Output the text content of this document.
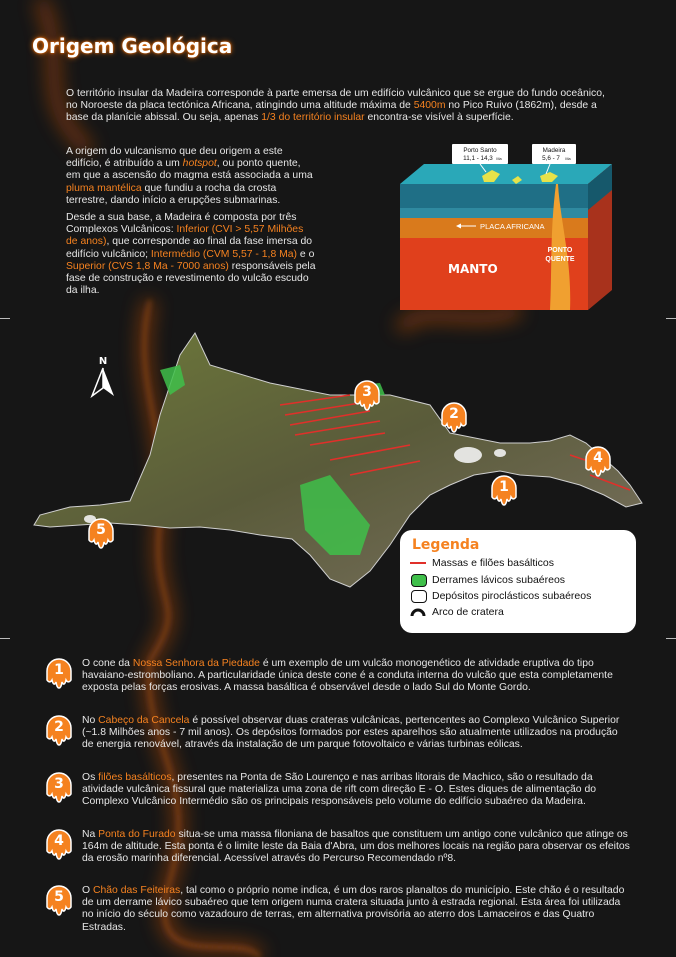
Origem Geológica

O território insular da Madeira corresponde à parte emersa de um edifício vulcânico que se ergue do fundo oceânico, no Noroeste da placa tectónica Africana, atingindo uma altitude máxima de 5400m no Pico Ruivo (1862m), desde a base da planície abissal. Ou seja, apenas 1/3 do território insular encontra-se visível à superfície.

A origem do vulcanismo que deu origem a este edifício, é atribuído a um hotspot, ou ponto quente, em que a ascensão do magma está associada a uma pluma mantélica que fundiu a rocha da crosta terrestre, dando início a erupções submarinas.

Desde a sua base, a Madeira é composta por três Complexos Vulcânicos: Inferior (CVI > 5,57 Milhões de anos), que corresponde ao final da fase imersa do edifício vulcânico; Intermédio (CVM 5,57 - 1,8 Ma) e o Superior (CVS 1,8 Ma - 7000 anos) responsáveis pela fase de construção e revestimento do vulcão escudo da ilha.

Porto Santo
11,1 - 14,3 Ma
Madeira
5,6 - 7 Ma
PLACA AFRICANA
MANTO
PONTO
QUENTE
N
1
2
3
4
5
Legenda
Massas e filões basálticos
Derrames lávicos subaéreos
Depósitos piroclásticos subaéreos
Arco de cratera
1	O cone da Nossa Senhora da Piedade é um exemplo de um vulcão monogenético de atividade eruptiva do tipo havaiano-estromboliano. A particularidade única deste cone é a conduta interna do vulcão que esta completamente exposta pelas forças erosivas. A massa basáltica é observável desde o lado Sul do Monte Gordo.

2	No Cabeço da Cancela é possível observar duas crateras vulcânicas, pertencentes ao Complexo Vulcânico Superior (~1.8 Milhões anos - 7 mil anos). Os depósitos formados por estes aparelhos são atualmente utilizados na produção de energia renovável, através da instalação de um parque fotovoltaico e várias turbinas eólicas.

3	Os filões basálticos, presentes na Ponta de São Lourenço e nas arribas litorais de Machico, são o resultado da atividade vulcânica fissural que materializa uma zona de rift com direção E - O. Estes diques de alimentação do Complexo Vulcânico Intermédio são os principais responsáveis pelo volume do edifício subaéreo da Madeira.

4	Na Ponta do Furado situa-se uma massa filoniana de basaltos que constituem um antigo cone vulcânico que atinge os 164m de altitude. Esta ponta é o limite leste da Baia d'Abra, um dos melhores locais na região para observar os efeitos da erosão marinha diferencial. Acessível através do Percurso Recomendado nº8.

5	O Chão das Feiteiras, tal como o próprio nome indica, é um dos raros planaltos do município. Este chão é o resultado de um derrame lávico subaéreo que tem origem numa cratera situada junto à estrada regional. Esta área foi utilizada no início do século como vazadouro de terras, em alternativa provisória ao aterro dos Lamaceiros e das Quatro Estradas.
